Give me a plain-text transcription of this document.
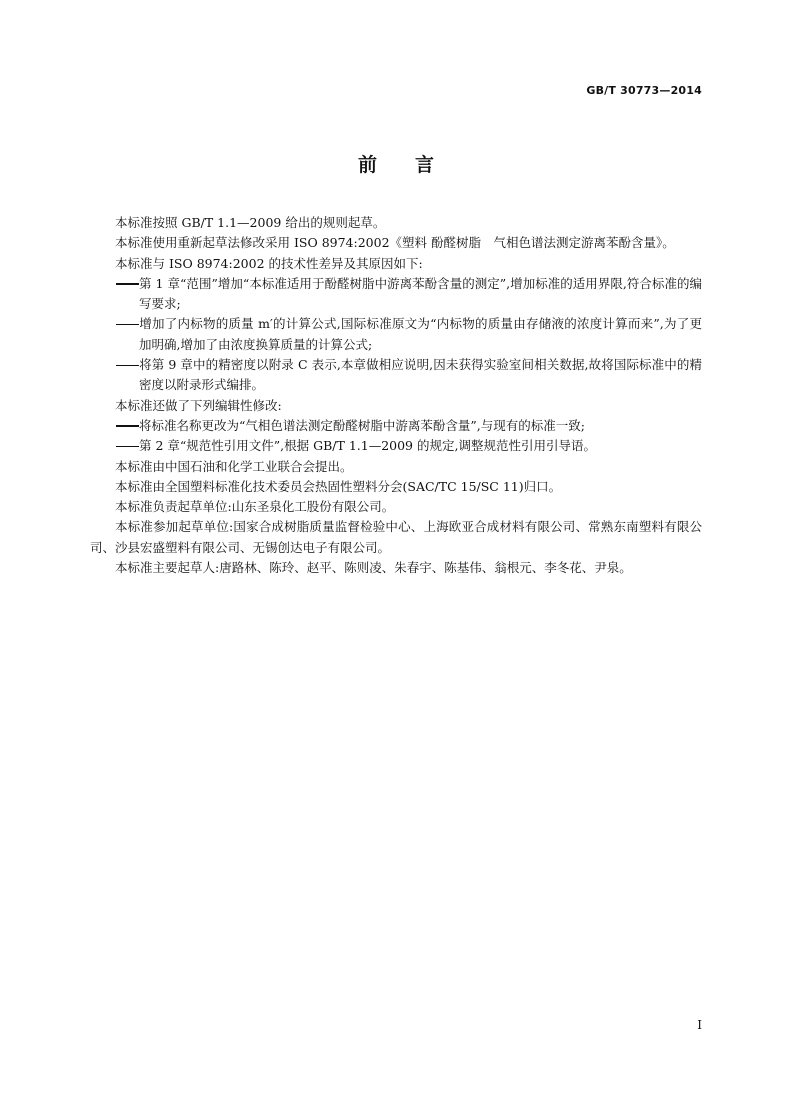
GB/T 30773—2014
前言

本标准按照 GB/T 1.1—2009 给出的规则起草。

本标准使用重新起草法修改采用 ISO 8974:2002《塑料 酚醛树脂　气相色谱法测定游离苯酚含量》。

本标准与 ISO 8974:2002 的技术性差异及其原因如下:

第 1 章“范围”增加“本标准适用于酚醛树脂中游离苯酚含量的测定”,增加标准的适用界限,符合标准的编写要求;

增加了内标物的质量 m′的计算公式,国际标准原文为“内标物的质量由存储液的浓度计算而来”,为了更加明确,增加了由浓度换算质量的计算公式;

将第 9 章中的精密度以附录 C 表示,本章做相应说明,因未获得实验室间相关数据,故将国际标准中的精密度以附录形式编排。

本标准还做了下列编辑性修改:

将标准名称更改为“气相色谱法测定酚醛树脂中游离苯酚含量”,与现有的标准一致;

第 2 章“规范性引用文件”,根据 GB/T 1.1—2009 的规定,调整规范性引用引导语。

本标准由中国石油和化学工业联合会提出。

本标准由全国塑料标准化技术委员会热固性塑料分会(SAC/TC 15/SC 11)归口。

本标准负责起草单位:山东圣泉化工股份有限公司。

本标准参加起草单位:国家合成树脂质量监督检验中心、上海欧亚合成材料有限公司、常熟东南塑料有限公司、沙县宏盛塑料有限公司、无锡创达电子有限公司。

本标准主要起草人:唐路林、陈玲、赵平、陈则凌、朱春宇、陈基伟、翁根元、李冬花、尹泉。

I
